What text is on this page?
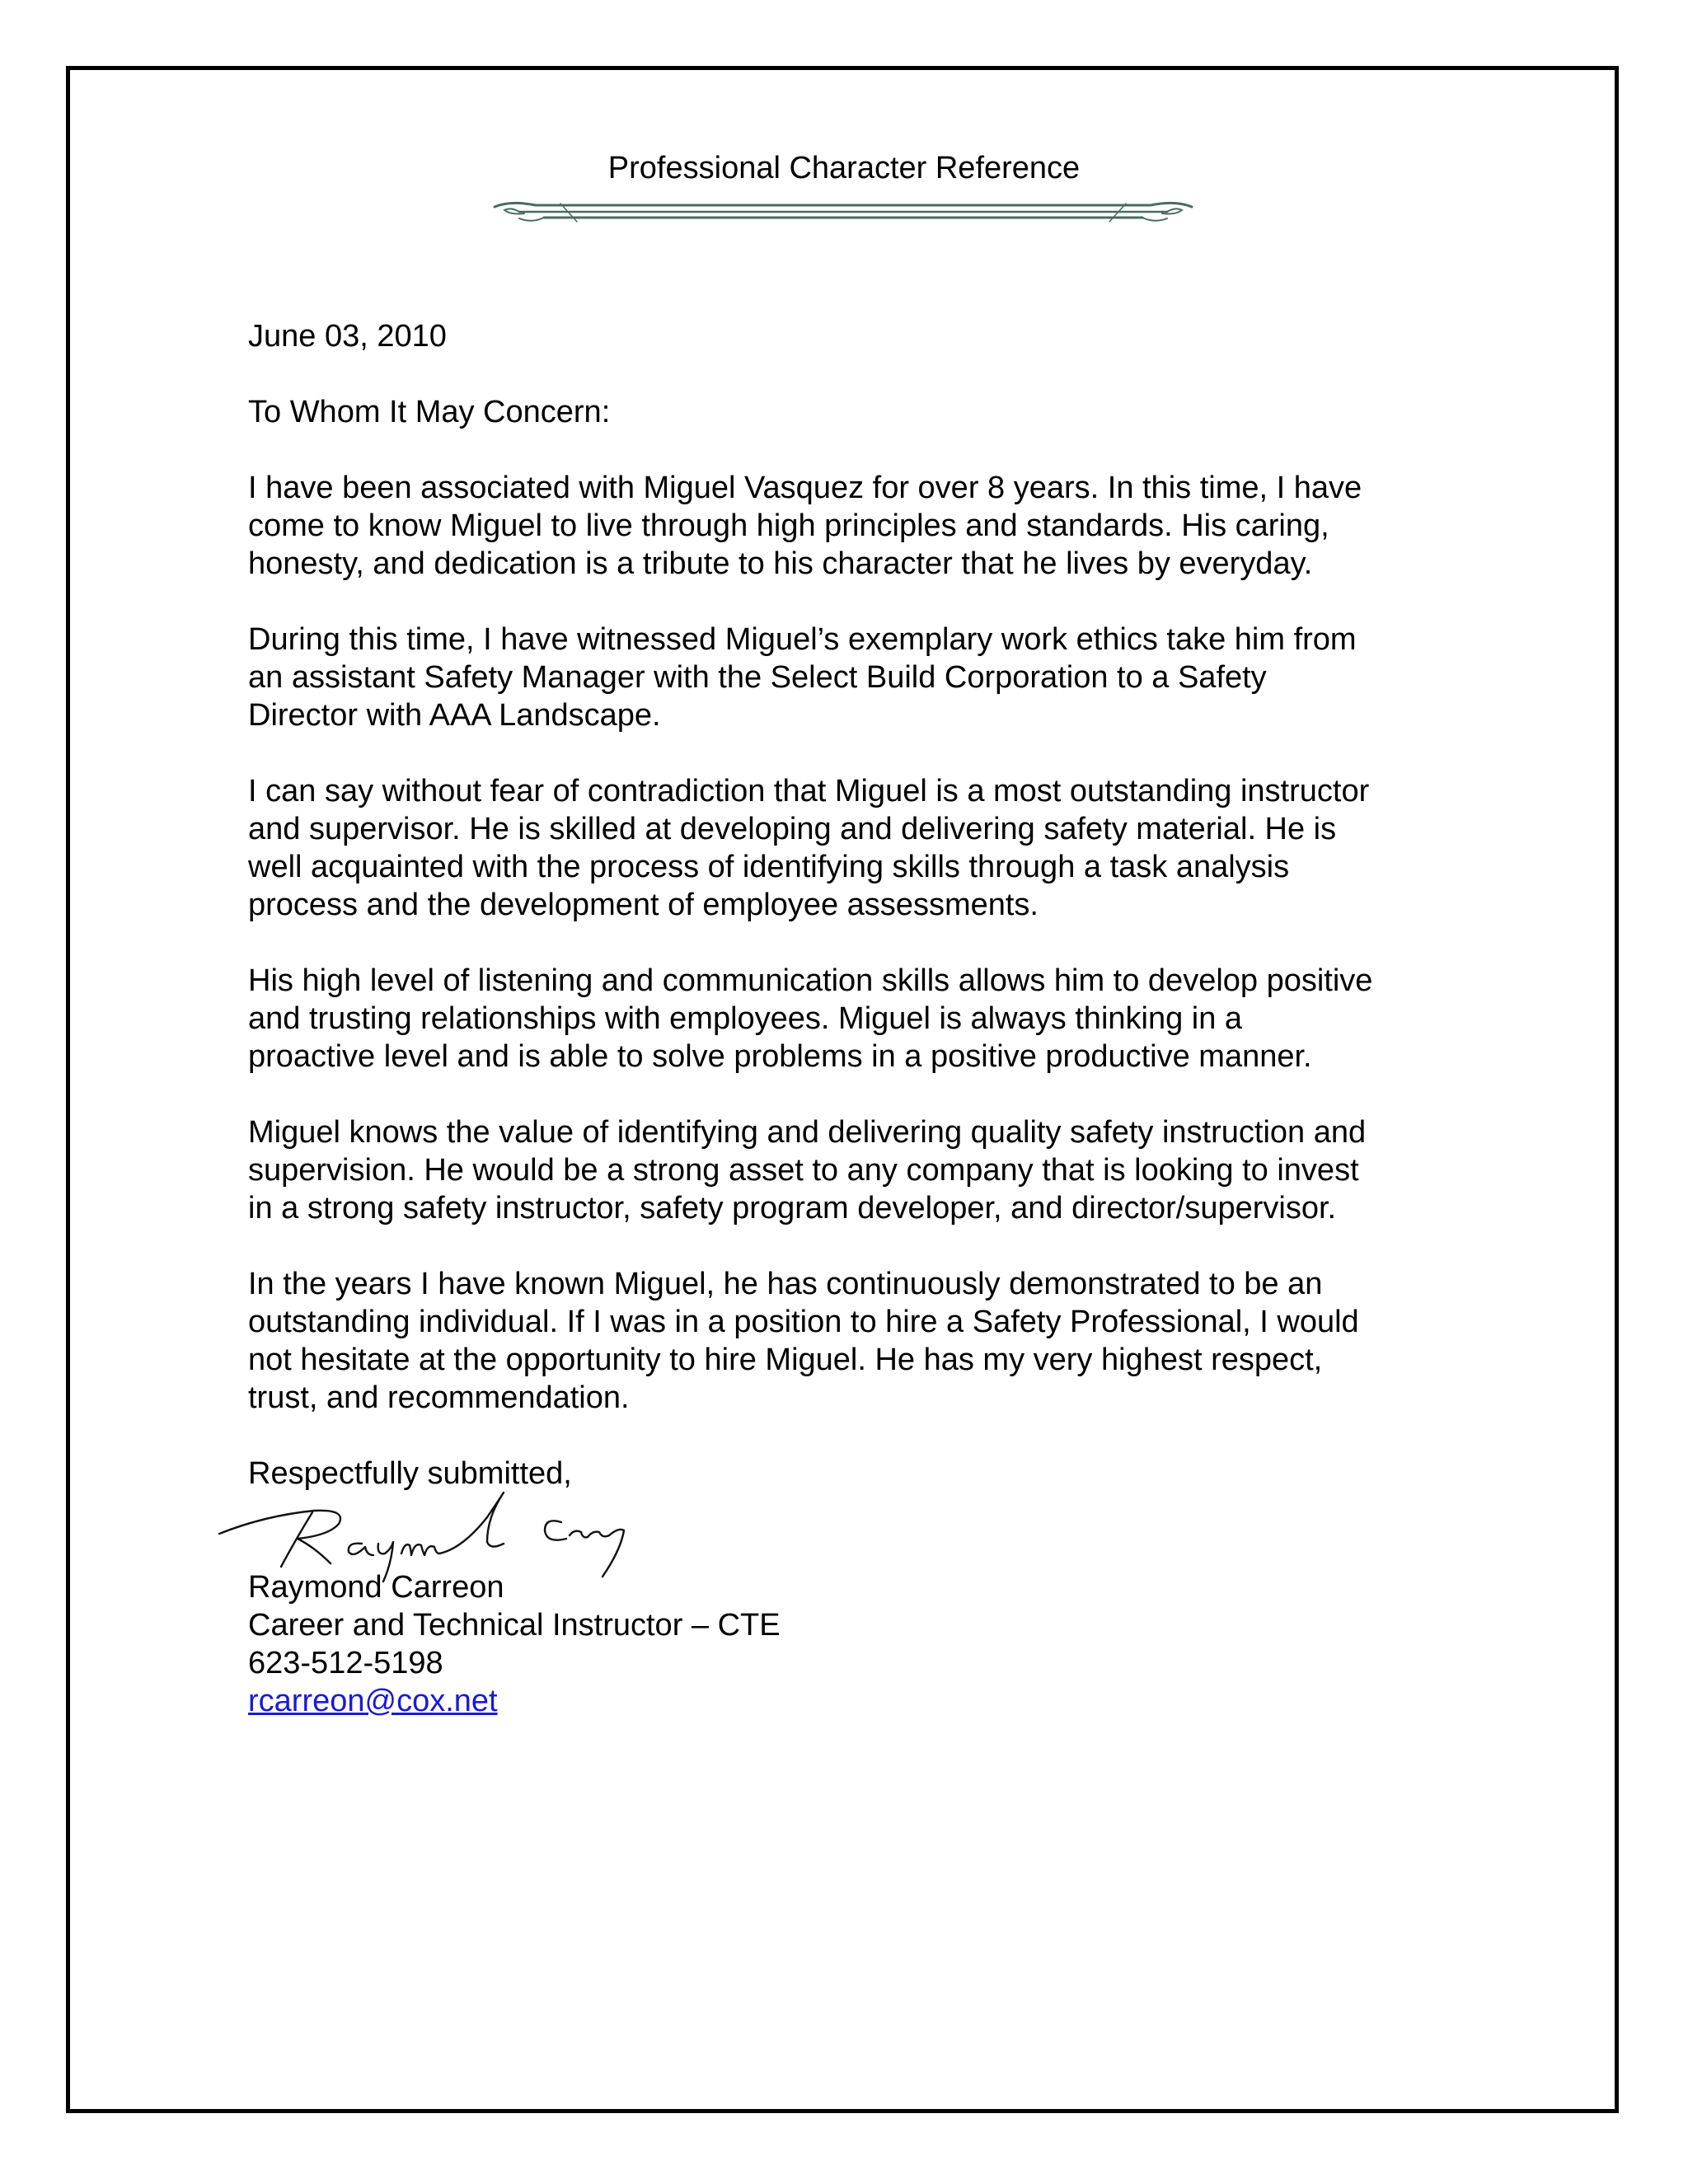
Professional Character Reference

June 03, 2010

To Whom It May Concern:

I have been associated with Miguel Vasquez for over 8 years. In this time, I have
come to know Miguel to live through high principles and standards. His caring,
honesty, and dedication is a tribute to his character that he lives by everyday.

During this time, I have witnessed Miguel’s exemplary work ethics take him from
an assistant Safety Manager with the Select Build Corporation to a Safety
Director with AAA Landscape.

I can say without fear of contradiction that Miguel is a most outstanding instructor
and supervisor. He is skilled at developing and delivering safety material. He is
well acquainted with the process of identifying skills through a task analysis
process and the development of employee assessments.

His high level of listening and communication skills allows him to develop positive
and trusting relationships with employees. Miguel is always thinking in a
proactive level and is able to solve problems in a positive productive manner.

Miguel knows the value of identifying and delivering quality safety instruction and
supervision. He would be a strong asset to any company that is looking to invest
in a strong safety instructor, safety program developer, and director/supervisor.

In the years I have known Miguel, he has continuously demonstrated to be an
outstanding individual. If I was in a position to hire a Safety Professional, I would
not hesitate at the opportunity to hire Miguel. He has my very highest respect,
trust, and recommendation.

Respectfully submitted,

Raymond Carreon

Career and Technical Instructor – CTE

623-512-5198

rcarreon@cox.net
